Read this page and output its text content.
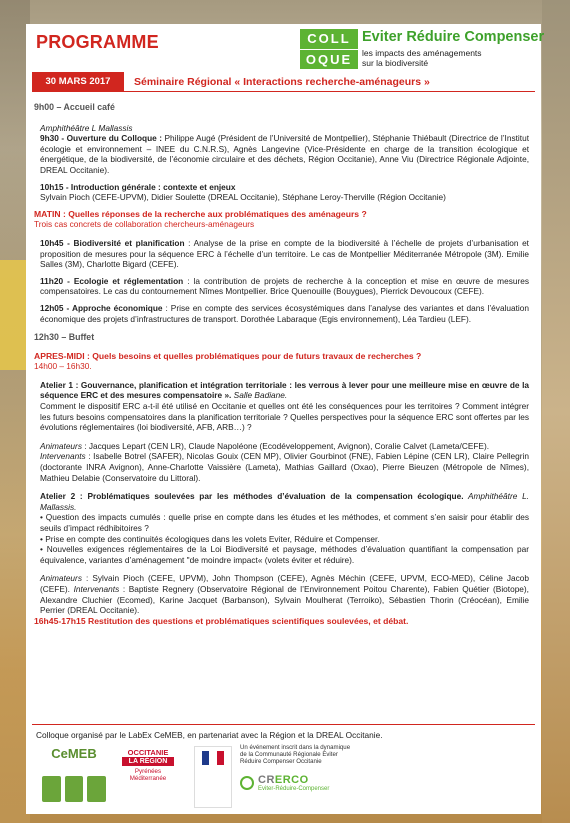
PROGRAMME	COLL
OQUE
Eviter Réduire Compenser
les impacts des aménagements
sur la biodiversité
30 MARS 2017	Séminaire Régional « Interactions recherche-aménageurs »
9h00 – Accueil café
Amphithéâtre L Mallassis
9h30 - Ouverture du Colloque : Philippe Augé (Président de l’Université de Montpellier), Stéphanie Thiébault (Directrice de l’Institut écologie et environnement – INEE du C.N.R.S), Agnès Langevine (Vice-Présidente en charge de la transition écologique et énergétique, de la biodiversité, de l’économie circulaire et des déchets, Région Occitanie), Anne Viu (Directrice Régionale Adjointe, DREAL Occitanie).
10h15 - Introduction générale : contexte et enjeux
Sylvain Pioch (CEFE-UPVM), Didier Soulette (DREAL Occitanie), Stéphane Leroy-Therville (Région Occitanie)
MATIN : Quelles réponses de la recherche aux problématiques des aménageurs ?
Trois cas concrets de collaboration chercheurs-aménageurs
10h45 - Biodiversité et planification : Analyse de la prise en compte de la biodiversité à l’échelle de projets d’urbanisation et proposition de mesures pour la séquence ERC à l’échelle d’un territoire. Le cas de Montpellier Méditerranée Métropole (3M). Emilie Salles (3M), Charlotte Bigard (CEFE).
11h20 - Ecologie et réglementation : la contribution de projets de recherche à la conception et mise en œuvre de mesures compensatoires. Le cas du contournement Nîmes Montpellier. Brice Quenouille (Bouygues), Pierrick Devoucoux (CEFE).
12h05 - Approche économique : Prise en compte des services écosystémiques dans l’analyse des variantes et dans l’évaluation économique des projets d’infrastructures de transport. Dorothée Labaraque (Egis environnement), Léa Tardieu (LEF).
12h30 – Buffet
APRES-MIDI : Quels besoins et quelles problématiques pour de futurs travaux de recherches ?
14h00 – 16h30.
Atelier 1 : Gouvernance, planification et intégration territoriale : les verrous à lever pour une meilleure mise en œuvre de la séquence ERC et des mesures compensatoire ». Salle Badiane.
Comment le dispositif ERC a-t-il été utilisé en Occitanie et quelles ont été les conséquences pour les territoires ? Comment intégrer les futurs besoins compensatoires dans la planification territoriale ? Quelles perspectives pour la séquence ERC sont offertes par les évolutions réglementaires (loi biodiversité, AFB, ARB…) ?
Animateurs : Jacques Lepart (CEN LR), Claude Napoléone (Ecodéveloppement, Avignon), Coralie Calvet (Lameta/CEFE).
Intervenants : Isabelle Botrel (SAFER), Nicolas Gouix (CEN MP), Olivier Gourbinot (FNE), Fabien Lépine (CEN LR), Claire Pellegrin (doctorante INRA Avignon), Anne-Charlotte Vaissière (Lameta), Mathias Gaillard (Oxao), Pierre Bieuzen (Métropole de Nîmes), Mathieu Delabie (Conservatoire du Littoral).
Atelier 2 : Problématiques soulevées par les méthodes d’évaluation de la compensation écologique. Amphithéâtre L. Mallassis.
• Question des impacts cumulés : quelle prise en compte dans les études et les méthodes, et comment s’en saisir pour établir des seuils d’impact rédhibitoires ?
• Prise en compte des continuités écologiques dans les volets Eviter, Réduire et Compenser.
• Nouvelles exigences réglementaires de la Loi Biodiversité et paysage, méthodes d’évaluation quantifiant la compensation par équivalence, variantes d’aménagement "de moindre impact« (volets éviter et réduire).
Animateurs : Sylvain Pioch (CEFE, UPVM), John Thompson (CEFE), Agnès Méchin (CEFE, UPVM, ECO-MED), Céline Jacob (CEFE). Intervenants : Baptiste Regnery (Observatoire Régional de l’Environnement Poitou Charente), Fabien Quétier (Biotope), Alexandre Cluchier (Ecomed), Karine Jacquet (Barbanson), Sylvain Moulherat (Terroiko), Sébastien Thorin (Créocéan), Emilie Perrier (DREAL Occitanie).
16h45-17h15 Restitution des questions et problématiques scientifiques soulevées, et débat.
Colloque organisé par le LabEx CeMEB, en partenariat avec la Région et la DREAL Occitanie.
CeMEB	OCCITANIE
LA RÉGION
Pyrénées Méditerranée
Un événement inscrit dans la dynamique de la Communauté Régionale Eviter Réduire Compenser Occitanie
CRERCO
Eviter-Réduire-Compenser
